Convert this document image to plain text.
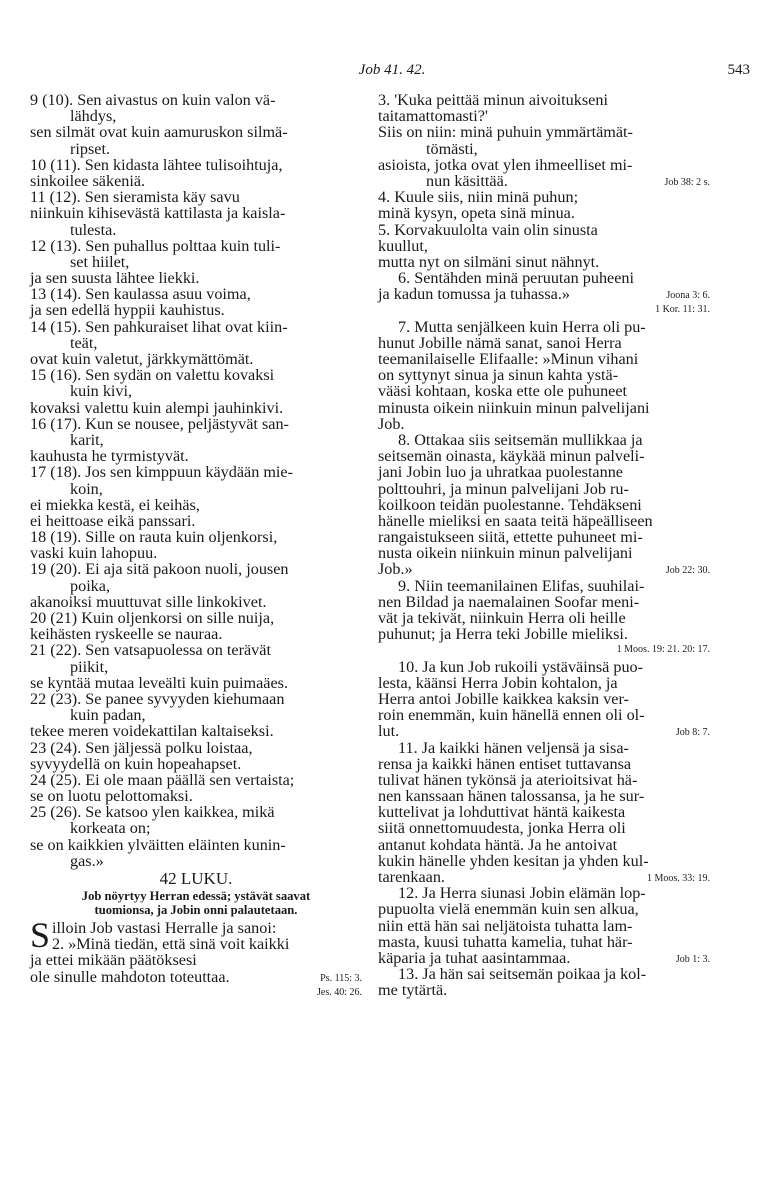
Job 41. 42.	543
9 (10). Sen aivastus on kuin valon vä-
lähdys,
sen silmät ovat kuin aamuruskon silmä-
ripset.
10 (11). Sen kidasta lähtee tulisoihtuja,
sinkoilee säkeniä.
11 (12). Sen sieramista käy savu
niinkuin kihisevästä kattilasta ja kaisla-
tulesta.
12 (13). Sen puhallus polttaa kuin tuli-
set hiilet,
ja sen suusta lähtee liekki.
13 (14). Sen kaulassa asuu voima,
ja sen edellä hyppii kauhistus.
14 (15). Sen pahkuraiset lihat ovat kiin-
teät,
ovat kuin valetut, järkkymättömät.
15 (16). Sen sydän on valettu kovaksi
kuin kivi,
kovaksi valettu kuin alempi jauhinkivi.
16 (17). Kun se nousee, peljästyvät san-
karit,
kauhusta he tyrmistyvät.
17 (18). Jos sen kimppuun käydään mie-
koin,
ei miekka kestä, ei keihäs,
ei heittoase eikä panssari.
18 (19). Sille on rauta kuin oljenkorsi,
vaski kuin lahopuu.
19 (20). Ei aja sitä pakoon nuoli, jousen
poika,
akanoiksi muuttuvat sille linkokivet.
20 (21) Kuin oljenkorsi on sille nuija,
keihästen ryskeelle se nauraa.
21 (22). Sen vatsapuolessa on terävät
piikit,
se kyntää mutaa leveälti kuin puimaäes.
22 (23). Se panee syvyyden kiehumaan
kuin padan,
tekee meren voidekattilan kaltaiseksi.
23 (24). Sen jäljessä polku loistaa,
syvyydellä on kuin hopeahapset.
24 (25). Ei ole maan päällä sen vertaista;
se on luotu pelottomaksi.
25 (26). Se katsoo ylen kaikkea, mikä
korkeata on;
se on kaikkien ylväitten eläinten kunin-
gas.»
42 LUKU.
Job nöyrtyy Herran edessä; ystävät saavat
tuomionsa, ja Jobin onni palautetaan.
S illoin Job vastasi Herralle ja sanoi:
2. »Minä tiedän, että sinä voit kaikki
ja ettei mikään päätöksesi
ole sinulle mahdoton toteuttaa.	Ps. 115: 3.
Jes. 40: 26.
3. 'Kuka peittää minun aivoitukseni
taitamattomasti?'
Siis on niin: minä puhuin ymmärtämät-
tömästi,
asioista, jotka ovat ylen ihmeelliset mi-
nun käsittää.	Job 38: 2 s.
4. Kuule siis, niin minä puhun;
minä kysyn, opeta sinä minua.
5. Korvakuulolta vain olin sinusta
kuullut,
mutta nyt on silmäni sinut nähnyt.
6. Sentähden minä peruutan puheeni
ja kadun tomussa ja tuhassa.»	Joona 3: 6.
1 Kor. 11: 31.
7. Mutta senjälkeen kuin Herra oli pu-
hunut Jobille nämä sanat, sanoi Herra
teemanilaiselle Elifaalle: »Minun vihani
on syttynyt sinua ja sinun kahta ystä-
vääsi kohtaan, koska ette ole puhuneet
minusta oikein niinkuin minun palvelijani
Job.
8. Ottakaa siis seitsemän mullikkaa ja
seitsemän oinasta, käykää minun palveli-
jani Jobin luo ja uhratkaa puolestanne
polttouhri, ja minun palvelijani Job ru-
koilkoon teidän puolestanne. Tehdäkseni
hänelle mieliksi en saata teitä häpeälliseen
rangaistukseen siitä, ettette puhuneet mi-
nusta oikein niinkuin minun palvelijani
Job.»	Job 22: 30.
9. Niin teemanilainen Elifas, suuhilai-
nen Bildad ja naemalainen Soofar meni-
vät ja tekivät, niinkuin Herra oli heille
puhunut; ja Herra teki Jobille mieliksi.
1 Moos. 19: 21. 20: 17.
10. Ja kun Job rukoili ystäväinsä puo-
lesta, käänsi Herra Jobin kohtalon, ja
Herra antoi Jobille kaikkea kaksin ver-
roin enemmän, kuin hänellä ennen oli ol-
lut.	Job 8: 7.
11. Ja kaikki hänen veljensä ja sisa-
rensa ja kaikki hänen entiset tuttavansa
tulivat hänen tykönsä ja aterioitsivat hä-
nen kanssaan hänen talossansa, ja he sur-
kuttelivat ja lohduttivat häntä kaikesta
siitä onnettomuudesta, jonka Herra oli
antanut kohdata häntä. Ja he antoivat
kukin hänelle yhden kesitan ja yhden kul-
tarenkaan.	1 Moos. 33: 19.
12. Ja Herra siunasi Jobin elämän lop-
pupuolta vielä enemmän kuin sen alkua,
niin että hän sai neljätoista tuhatta lam-
masta, kuusi tuhatta kamelia, tuhat här-
käparia ja tuhat aasintammaa.	Job 1: 3.
13. Ja hän sai seitsemän poikaa ja kol-
me tytärtä.
